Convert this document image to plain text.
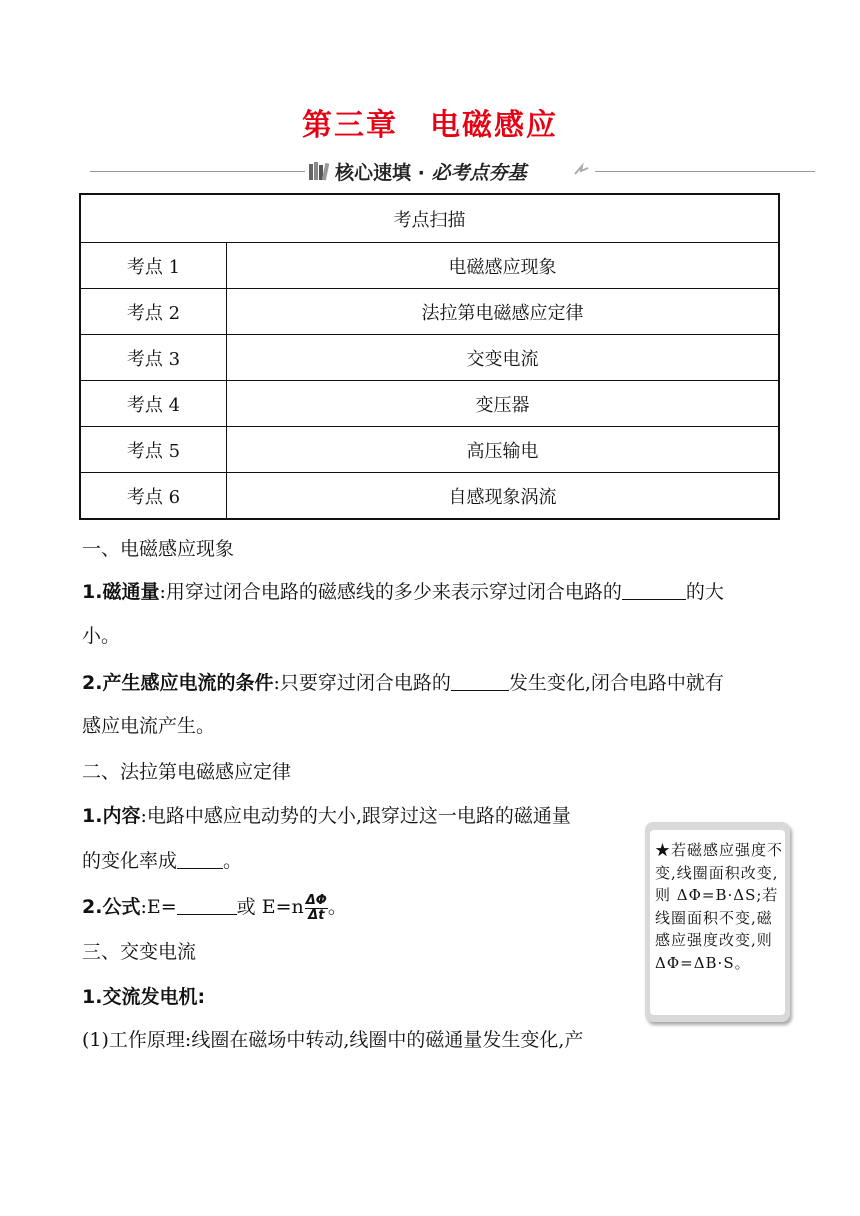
第三章　电磁感应
核心速填 · 必考点夯基
考点扫描	
考点 1	电磁感应现象
考点 2	法拉第电磁感应定律
考点 3	交变电流
考点 4	变压器
考点 5	高压输电
考点 6	自感现象涡流
一、电磁感应现象
1.磁通量:用穿过闭合电路的磁感线的多少来表示穿过闭合电路的	的大
小。
2.产生感应电流的条件:只要穿过闭合电路的	发生变化,闭合电路中就有
感应电流产生。
二、法拉第电磁感应定律
1.内容:电路中感应电动势的大小,跟穿过这一电路的磁通量
的变化率成 。
2.公式:E=	或 $E=n \frac{\Delta\Phi}{\Delta t}$ 。
三、交变电流
1.交流发电机:
(1)工作原理:线圈在磁场中转动,线圈中的磁通量发生变化,产
★若磁感应强度不变,线圈面积改变,则 ΔΦ=B·ΔS;若线圈面积不变,磁感应强度改变,则 ΔΦ=ΔB·S。
